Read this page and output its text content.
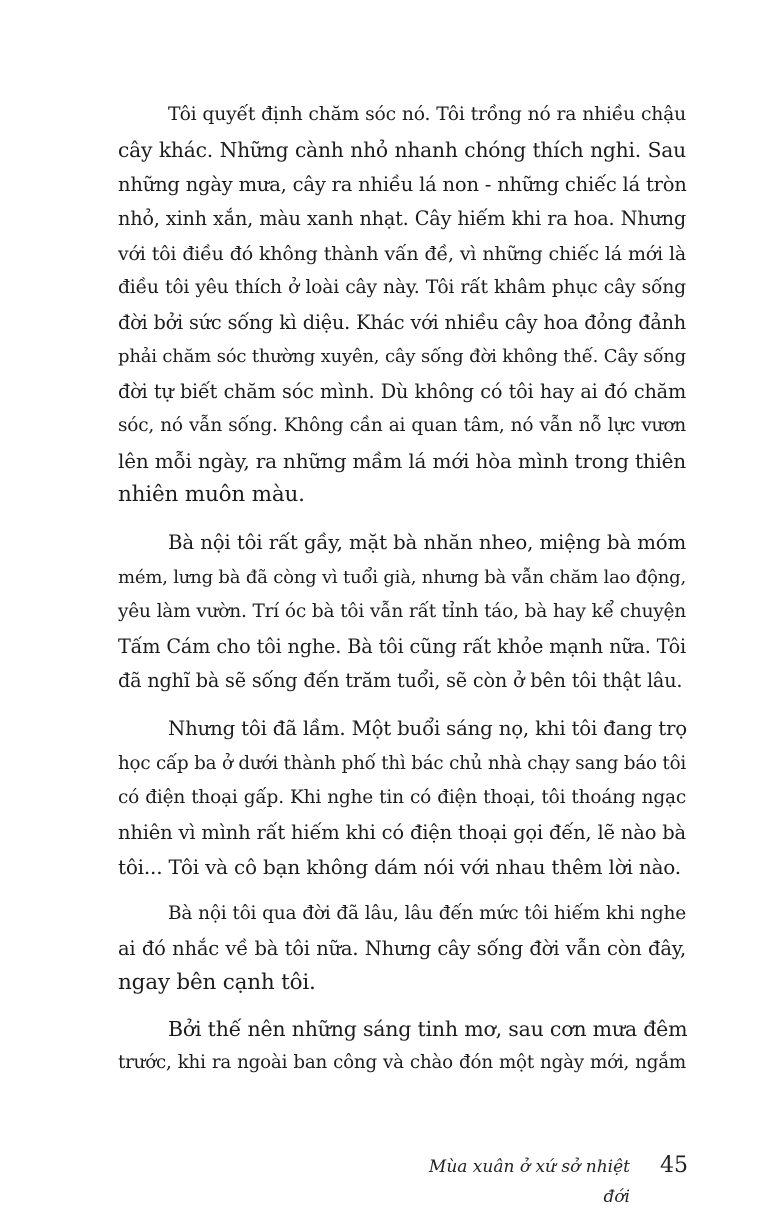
Tôi quyết định chăm sóc nó. Tôi trồng nó ra nhiều chậu
cây khác. Những cành nhỏ nhanh chóng thích nghi. Sau
những ngày mưa, cây ra nhiều lá non - những chiếc lá tròn
nhỏ, xinh xắn, màu xanh nhạt. Cây hiếm khi ra hoa. Nhưng
với tôi điều đó không thành vấn đề, vì những chiếc lá mới là
điều tôi yêu thích ở loài cây này. Tôi rất khâm phục cây sống
đời bởi sức sống kì diệu. Khác với nhiều cây hoa đỏng đảnh
phải chăm sóc thường xuyên, cây sống đời không thế. Cây sống
đời tự biết chăm sóc mình. Dù không có tôi hay ai đó chăm
sóc, nó vẫn sống. Không cần ai quan tâm, nó vẫn nỗ lực vươn
lên mỗi ngày, ra những mầm lá mới hòa mình trong thiên
nhiên muôn màu.
Bà nội tôi rất gầy, mặt bà nhăn nheo, miệng bà móm
mém, lưng bà đã còng vì tuổi già, nhưng bà vẫn chăm lao động,
yêu làm vườn. Trí óc bà tôi vẫn rất tỉnh táo, bà hay kể chuyện
Tấm Cám cho tôi nghe. Bà tôi cũng rất khỏe mạnh nữa. Tôi
đã nghĩ bà sẽ sống đến trăm tuổi, sẽ còn ở bên tôi thật lâu.
Nhưng tôi đã lầm. Một buổi sáng nọ, khi tôi đang trọ
học cấp ba ở dưới thành phố thì bác chủ nhà chạy sang báo tôi
có điện thoại gấp. Khi nghe tin có điện thoại, tôi thoáng ngạc
nhiên vì mình rất hiếm khi có điện thoại gọi đến, lẽ nào bà
tôi... Tôi và cô bạn không dám nói với nhau thêm lời nào.
Bà nội tôi qua đời đã lâu, lâu đến mức tôi hiếm khi nghe
ai đó nhắc về bà tôi nữa. Nhưng cây sống đời vẫn còn đây,
ngay bên cạnh tôi.
Bởi thế nên những sáng tinh mơ, sau cơn mưa đêm
trước, khi ra ngoài ban công và chào đón một ngày mới, ngắm
Mùa xuân ở xứ sở nhiệt đới
45
